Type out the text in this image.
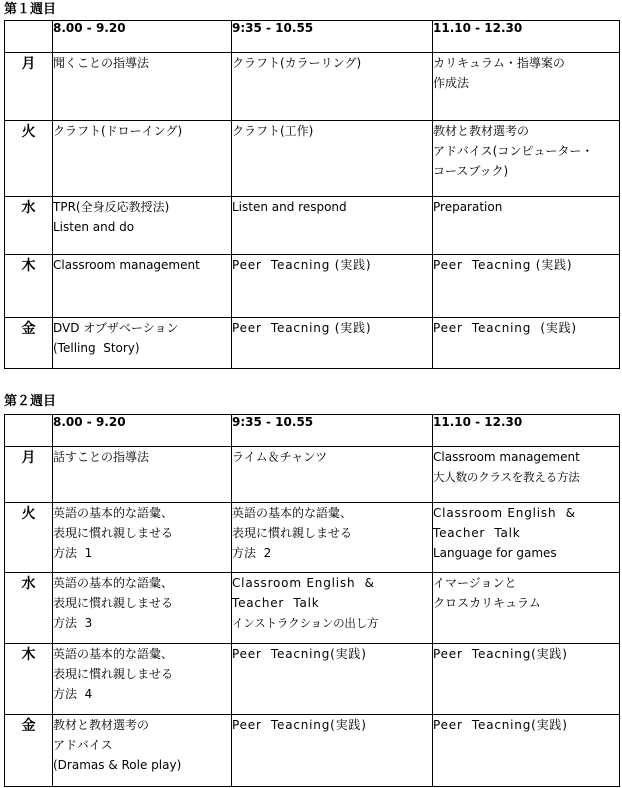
第１週目
	8.00 - 9.20	9:35 - 10.55	11.10 - 12.30
月	聞くことの指導法	クラフト(カラーリング)	カリキュラム・指導案の
作成法

火	クラフト(ドローイング)	クラフト(工作)	教材と教材選考の
アドバイス(コンピューター・
コースブック)

水	TPR(全身反応教授法)
Listen and do	Listen and respond	Preparation

木	Classroom management	Peer  Teacning (実践)	Peer  Teacning (実践)

金	DVD オブザベーション
(Telling  Story)	Peer  Teacning (実践)	Peer  Teacning  (実践)
第２週目
	8.00 - 9.20	9:35 - 10.55	11.10 - 12.30
月	話すことの指導法	ライム＆チャンツ	Classroom management
大人数のクラスを教える方法

火	英語の基本的な語彙、
表現に慣れ親しませる
方法  1	英語の基本的な語彙、
表現に慣れ親しませる
方法  2	Classroom English  &
Teacher  Talk
Language for games

水	英語の基本的な語彙、
表現に慣れ親しませる
方法  3	Classroom English  &
Teacher  Talk
インストラクションの出し方	イマージョンと
クロスカリキュラム

木	英語の基本的な語彙、
表現に慣れ親しませる
方法  4	Peer  Teacning(実践)	Peer  Teacning(実践)

金	教材と教材選考の
アドバイス
(Dramas & Role play)	Peer  Teacning(実践)	Peer  Teacning(実践)
